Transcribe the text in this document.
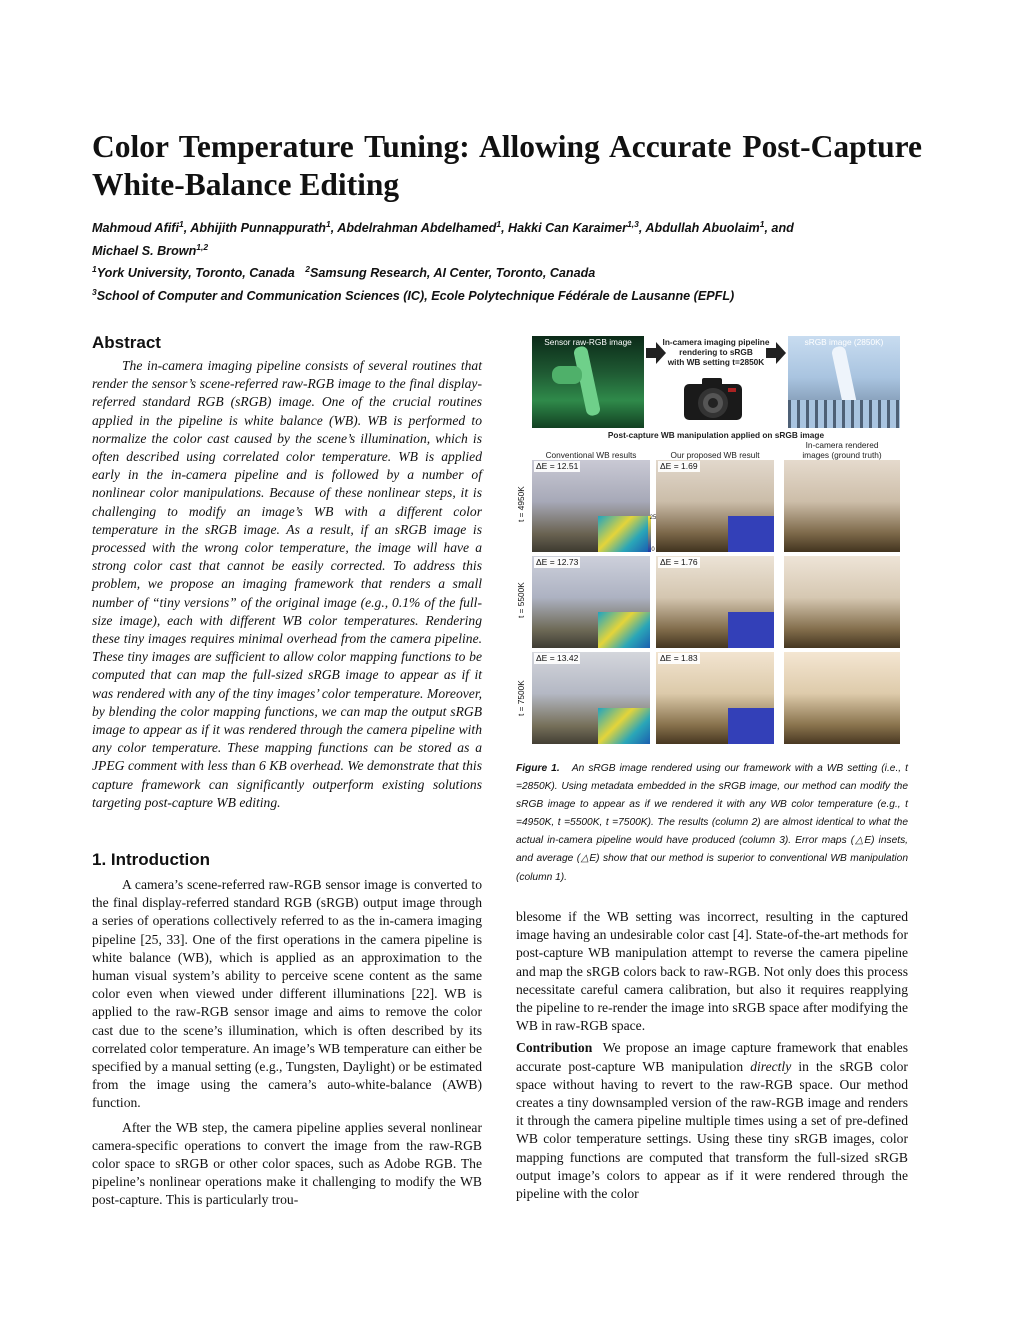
Color Temperature Tuning: Allowing Accurate Post-Capture White-Balance Editing
Mahmoud Afifi$^1$, Abhijith Punnappurath$^1$, Abdelrahman Abdelhamed$^1$, Hakki Can Karaimer$^{1,3}$, Abdullah Abuolaim$^1$, and
Michael S. Brown$^{1,2}$
$^1$York University, Toronto, Canada $^2$Samsung Research, AI Center, Toronto, Canada
$^3$School of Computer and Communication Sciences (IC), Ecole Polytechnique Fédérale de Lausanne (EPFL)
Abstract

The in-camera imaging pipeline consists of several routines that render the sensor’s scene-referred raw-RGB image to the final display-referred standard RGB (sRGB) image. One of the crucial routines applied in the pipeline is white balance (WB). WB is performed to normalize the color cast caused by the scene’s illumination, which is often described using correlated color temperature. WB is applied early in the in-camera pipeline and is followed by a number of nonlinear color manipulations. Because of these nonlinear steps, it is challenging to modify an image’s WB with a different color temperature in the sRGB image. As a result, if an sRGB image is processed with the wrong color temperature, the image will have a strong color cast that cannot be easily corrected. To address this problem, we propose an imaging framework that renders a small number of “tiny versions” of the original image (e.g., 0.1% of the full-size image), each with different WB color temperatures. Rendering these tiny images requires minimal overhead from the camera pipeline. These tiny images are sufficient to allow color mapping functions to be computed that can map the full-sized sRGB image to appear as if it was rendered with any of the tiny images’ color temperature. Moreover, by blending the color mapping functions, we can map the output sRGB image to appear as if it was rendered through the camera pipeline with any color temperature. These mapping functions can be stored as a JPEG comment with less than 6 KB overhead. We demonstrate that this capture framework can significantly outperform existing solutions targeting post-capture WB editing.

1. Introduction

A camera’s scene-referred raw-RGB sensor image is converted to the final display-referred standard RGB (sRGB) output image through a series of operations collectively referred to as the in-camera imaging pipeline [25, 33]. One of the first operations in the camera pipeline is white balance (WB), which is applied as an approximation to the human visual system’s ability to perceive scene content as the same color even when viewed under different illuminations [22]. WB is applied to the raw-RGB sensor image and aims to remove the color cast due to the scene’s illumination, which is often described by its correlated color temperature. An image’s WB temperature can either be specified by a manual setting (e.g., Tungsten, Daylight) or be estimated from the image using the camera’s auto-white-balance (AWB) function.

After the WB step, the camera pipeline applies several nonlinear camera-specific operations to convert the image from the raw-RGB color space to sRGB or other color spaces, such as Adobe RGB. The pipeline’s nonlinear operations make it challenging to modify the WB post-capture. This is particularly trou-

Sensor raw-RGB image	In-camera imaging pipeline
rendering to sRGB
with WB setting t=2850K
sRGB image (2850K)
Post-capture WB manipulation applied on sRGB image
In-camera rendered
Conventional WB results	Our proposed WB result	images (ground truth)
ΔE = 12.51
25
0
ΔE = 1.69
t = 4950K
ΔE = 12.73	ΔE = 1.76
t = 5500K
ΔE = 13.42	ΔE = 1.83
t = 7500K
Figure 1. An sRGB image rendered using our framework with a WB setting (i.e., t =2850K). Using metadata embedded in the sRGB image, our method can modify the sRGB image to appear as if we rendered it with any WB color temperature (e.g., t =4950K, t =5500K, t =7500K). The results (column 2) are almost identical to what the actual in-camera pipeline would have produced (column 3). Error maps (△E) insets, and average (△E) show that our method is superior to conventional WB manipulation (column 1).

blesome if the WB setting was incorrect, resulting in the captured image having an undesirable color cast [4]. State-of-the-art methods for post-capture WB manipulation attempt to reverse the camera pipeline and map the sRGB colors back to raw-RGB. Not only does this process necessitate careful camera calibration, but also it requires reapplying the pipeline to re-render the image into sRGB space after modifying the WB in raw-RGB space.

Contribution We propose an image capture framework that enables accurate post-capture WB manipulation directly in the sRGB color space without having to revert to the raw-RGB space. Our method creates a tiny downsampled version of the raw-RGB image and renders it through the camera pipeline multiple times using a set of pre-defined WB color temperature settings. Using these tiny sRGB images, color mapping functions are computed that transform the full-sized sRGB output image’s colors to appear as if it were rendered through the pipeline with the color
